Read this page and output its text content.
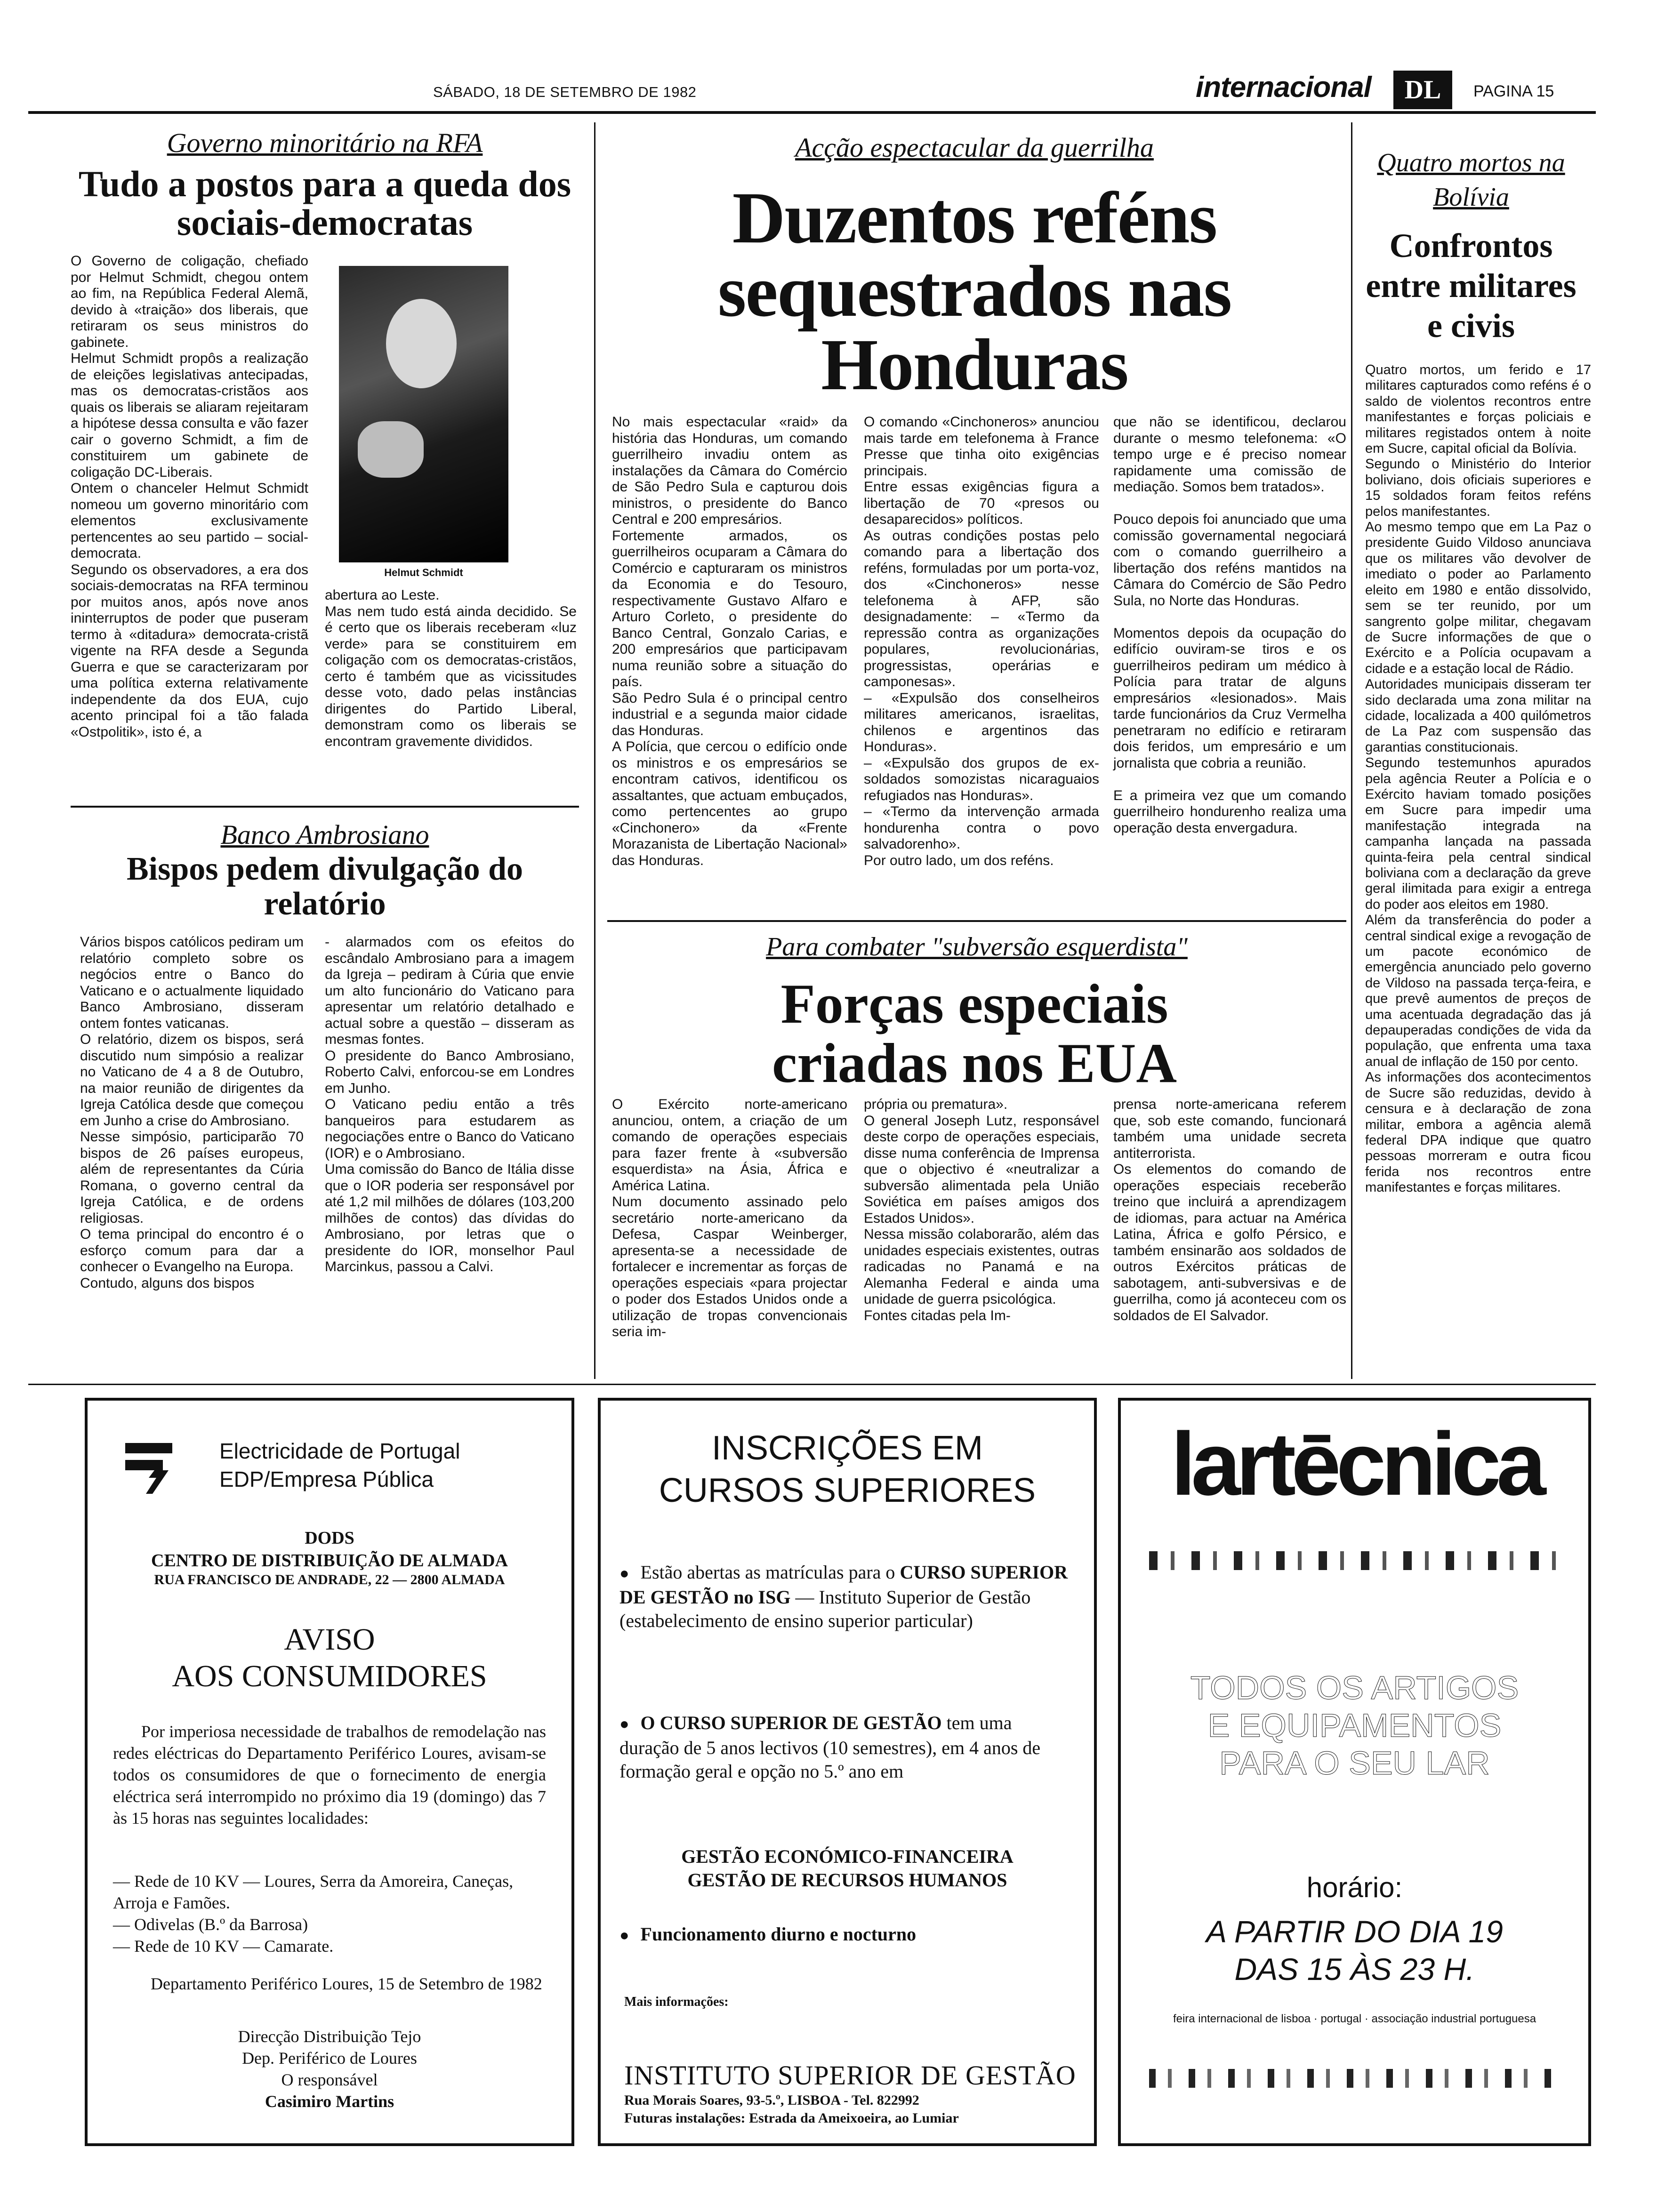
SÁBADO, 18 DE SETEMBRO DE 1982	internacional	DL	PAGINA 15
Governo minoritário na RFA
Tudo a postos para a queda dos sociais-democratas

O Governo de coligação, chefiado por Helmut Schmidt, chegou ontem ao fim, na República Federal Alemã, devido à «traição» dos liberais, que retiraram os seus ministros do gabinete.
Helmut Schmidt propôs a realização de eleições legislativas antecipadas, mas os democratas-cristãos aos quais os liberais se aliaram rejeitaram a hipótese dessa consulta e vão fazer cair o governo Schmidt, a fim de constituirem um gabinete de coligação DC-Liberais.
Ontem o chanceler Helmut Schmidt nomeou um governo minoritário com elementos exclusivamente pertencentes ao seu partido – social-democrata.
Segundo os observadores, a era dos sociais-democratas na RFA terminou por muitos anos, após nove anos ininterruptos de poder que puseram termo à «ditadura» democrata-cristã vigente na RFA desde a Segunda Guerra e que se caracterizaram por uma política externa relativamente independente da dos EUA, cujo acento principal foi a tão falada «Ostpolitik», isto é, a

Helmut Schmidt

abertura ao Leste.
Mas nem tudo está ainda decidido. Se é certo que os liberais receberam «luz verde» para se constituirem em coligação com os democratas-cristãos, certo é também que as vicissitudes desse voto, dado pelas instâncias dirigentes do Partido Liberal, demonstram como os liberais se encontram gravemente divididos.

Banco Ambrosiano
Bispos pedem divulgação do relatório

Vários bispos católicos pediram um relatório completo sobre os negócios entre o Banco do Vaticano e o actualmente liquidado Banco Ambrosiano, disseram ontem fontes vaticanas.
O relatório, dizem os bispos, será discutido num simpósio a realizar no Vaticano de 4 a 8 de Outubro, na maior reunião de dirigentes da Igreja Católica desde que começou em Junho a crise do Ambrosiano.
Nesse simpósio, participarão 70 bispos de 26 países europeus, além de representantes da Cúria Romana, o governo central da Igreja Católica, e de ordens religiosas.
O tema principal do encontro é o esforço comum para dar a conhecer o Evangelho na Europa.
Contudo, alguns dos bispos

- alarmados com os efeitos do escândalo Ambrosiano para a imagem da Igreja – pediram à Cúria que envie um alto funcionário do Vaticano para apresentar um relatório detalhado e actual sobre a questão – disseram as mesmas fontes.
O presidente do Banco Ambrosiano, Roberto Calvi, enforcou-se em Londres em Junho.
O Vaticano pediu então a três banqueiros para estudarem as negociações entre o Banco do Vaticano (IOR) e o Ambrosiano.
Uma comissão do Banco de Itália disse que o IOR poderia ser responsável por até 1,2 mil milhões de dólares (103,200 milhões de contos) das dívidas do Ambrosiano, por letras que o presidente do IOR, monselhor Paul Marcinkus, passou a Calvi.

Acção espectacular da guerrilha
Duzentos reféns sequestrados nas Honduras

No mais espectacular «raid» da história das Honduras, um comando guerrilheiro invadiu ontem as instalações da Câmara do Comércio de São Pedro Sula e capturou dois ministros, o presidente do Banco Central e 200 empresários.
Fortemente armados, os guerrilheiros ocuparam a Câmara do Comércio e capturaram os ministros da Economia e do Tesouro, respectivamente Gustavo Alfaro e Arturo Corleto, o presidente do Banco Central, Gonzalo Carias, e 200 empresários que participavam numa reunião sobre a situação do país.
São Pedro Sula é o principal centro industrial e a segunda maior cidade das Honduras.
A Polícia, que cercou o edifício onde os ministros e os empresários se encontram cativos, identificou os assaltantes, que actuam embuçados, como pertencentes ao grupo «Cinchonero» da «Frente Morazanista de Libertação Nacional» das Honduras.

O comando «Cinchoneros» anunciou mais tarde em telefonema à France Presse que tinha oito exigências principais.
Entre essas exigências figura a libertação de 70 «presos ou desaparecidos» políticos.
As outras condições postas pelo comando para a libertação dos reféns, formuladas por um porta-voz, dos «Cinchoneros» nesse telefonema à AFP, são designadamente: – «Termo da repressão contra as organizações populares, revolucionárias, progressistas, operárias e camponesas».
– «Expulsão dos conselheiros militares americanos, israelitas, chilenos e argentinos das Honduras».
– «Expulsão dos grupos de ex-soldados somozistas nicaraguaios refugiados nas Honduras».
– «Termo da intervenção armada hondurenha contra o povo salvadorenho».
Por outro lado, um dos reféns.

que não se identificou, declarou durante o mesmo telefonema: «O tempo urge e é preciso nomear rapidamente uma comissão de mediação. Somos bem tratados».

Pouco depois foi anunciado que uma comissão governamental negociará com o comando guerrilheiro a libertação dos reféns mantidos na Câmara do Comércio de São Pedro Sula, no Norte das Honduras.

Momentos depois da ocupação do edifício ouviram-se tiros e os guerrilheiros pediram um médico à Polícia para tratar de alguns empresários «lesionados». Mais tarde funcionários da Cruz Vermelha penetraram no edifício e retiraram dois feridos, um empresário e um jornalista que cobria a reunião.

E a primeira vez que um comando guerrilheiro hondurenho realiza uma operação desta envergadura.

Para combater "subversão esquerdista"
Forças especiais criadas nos EUA

O Exército norte-americano anunciou, ontem, a criação de um comando de operações especiais para fazer frente à «subversão esquerdista» na Ásia, África e América Latina.
Num documento assinado pelo secretário norte-americano da Defesa, Caspar Weinberger, apresenta-se a necessidade de fortalecer e incrementar as forças de operações especiais «para projectar o poder dos Estados Unidos onde a utilização de tropas convencionais seria im-

própria ou prematura».
O general Joseph Lutz, responsável deste corpo de operações especiais, disse numa conferência de Imprensa que o objectivo é «neutralizar a subversão alimentada pela União Soviética em países amigos dos Estados Unidos».
Nessa missão colaborarão, além das unidades especiais existentes, outras radicadas no Panamá e na Alemanha Federal e ainda uma unidade de guerra psicológica.
Fontes citadas pela Im-

prensa norte-americana referem que, sob este comando, funcionará também uma unidade secreta antiterrorista.
Os elementos do comando de operações especiais receberão treino que incluirá a aprendizagem de idiomas, para actuar na América Latina, África e golfo Pérsico, e também ensinarão aos soldados de outros Exércitos práticas de sabotagem, anti-subversivas e de guerrilha, como já aconteceu com os soldados de El Salvador.

Quatro mortos na Bolívia
Confrontos entre militares e civis

Quatro mortos, um ferido e 17 militares capturados como reféns é o saldo de violentos recontros entre manifestantes e forças policiais e militares registados ontem à noite em Sucre, capital oficial da Bolívia.
Segundo o Ministério do Interior boliviano, dois oficiais superiores e 15 soldados foram feitos reféns pelos manifestantes.
Ao mesmo tempo que em La Paz o presidente Guido Vildoso anunciava que os militares vão devolver de imediato o poder ao Parlamento eleito em 1980 e então dissolvido, sem se ter reunido, por um sangrento golpe militar, chegavam de Sucre informações de que o Exército e a Polícia ocupavam a cidade e a estação local de Rádio.
Autoridades municipais disseram ter sido declarada uma zona militar na cidade, localizada a 400 quilómetros de La Paz com suspensão das garantias constitucionais.
Segundo testemunhos apurados pela agência Reuter a Polícia e o Exército haviam tomado posições em Sucre para impedir uma manifestação integrada na campanha lançada na passada quinta-feira pela central sindical boliviana com a declaração da greve geral ilimitada para exigir a entrega do poder aos eleitos em 1980.
Além da transferência do poder a central sindical exige a revogação de um pacote económico de emergência anunciado pelo governo de Vildoso na passada terça-feira, e que prevê aumentos de preços de uma acentuada degradação das já depauperadas condições de vida da população, que enfrenta uma taxa anual de inflação de 150 por cento.
As informações dos acontecimentos de Sucre são reduzidas, devido à censura e à declaração de zona militar, embora a agência alemã federal DPA indique que quatro pessoas morreram e outra ficou ferida nos recontros entre manifestantes e forças militares.

Electricidade de Portugal
EDP/Empresa Pública
DODS
CENTRO DE DISTRIBUIÇÃO DE ALMADA
RUA FRANCISCO DE ANDRADE, 22 — 2800 ALMADA
AVISO
AOS CONSUMIDORES

Por imperiosa necessidade de trabalhos de remodelação nas redes eléctricas do Departamento Periférico Loures, avisam-se todos os consumidores de que o fornecimento de energia eléctrica será interrompido no próximo dia 19 (domingo) das 7 às 15 horas nas seguintes localidades:

— Rede de 10 KV — Loures, Serra da Amoreira, Caneças, Arroja e Famões.
— Odivelas (B.º da Barrosa)
— Rede de 10 KV — Camarate.
Departamento Periférico Loures, 15 de Setembro de 1982
Direcção Distribuição Tejo
Dep. Periférico de Loures
O responsável
Casimiro Martins
INSCRIÇÕES EM
CURSOS SUPERIORES

● Estão abertas as matrículas para o CURSO SUPERIOR DE GESTÃO no ISG — Instituto Superior de Gestão (estabelecimento de ensino superior particular)

● O CURSO SUPERIOR DE GESTÃO tem uma duração de 5 anos lectivos (10 semestres), em 4 anos de formação geral e opção no 5.º ano em

GESTÃO ECONÓMICO-FINANCEIRA
GESTÃO DE RECURSOS HUMANOS
● Funcionamento diurno e nocturno
Mais informações:
INSTITUTO SUPERIOR DE GESTÃO
Rua Morais Soares, 93-5.º, LISBOA - Tel. 822992
Futuras instalações: Estrada da Ameixoeira, ao Lumiar
lartēcnica
TODOS OS ARTIGOS
E EQUIPAMENTOS
PARA O SEU LAR
horário:
A PARTIR DO DIA 19
DAS 15 ÀS 23 H.
feira internacional de lisboa · portugal · associação industrial portuguesa
